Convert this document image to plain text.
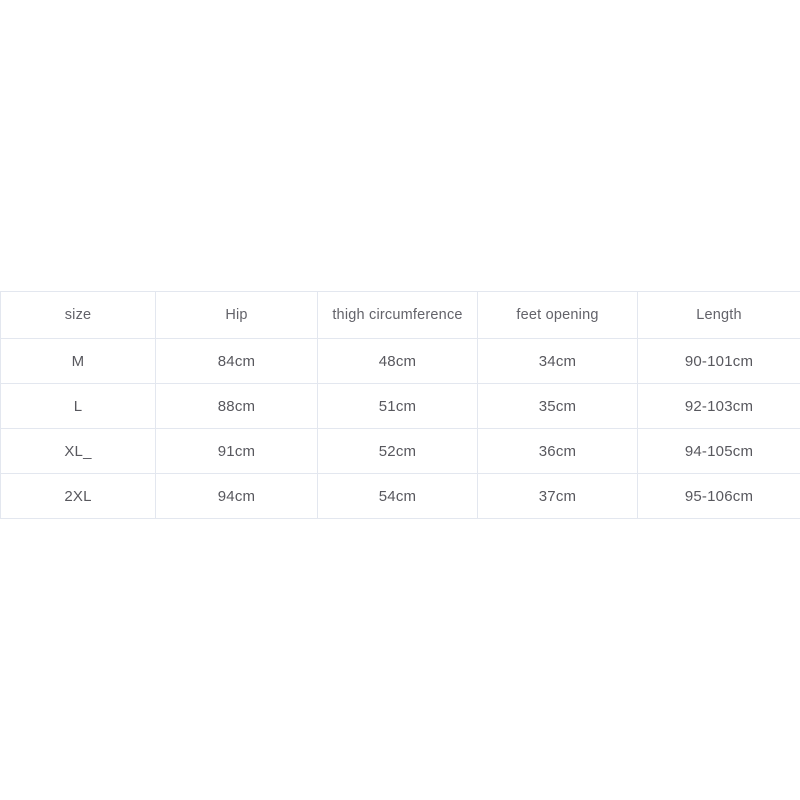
size	Hip	thigh circumference	feet opening	Length
M	84cm	48cm	34cm	90-101cm
L	88cm	51cm	35cm	92-103cm
XL_	91cm	52cm	36cm	94-105cm
2XL	94cm	54cm	37cm	95-106cm
